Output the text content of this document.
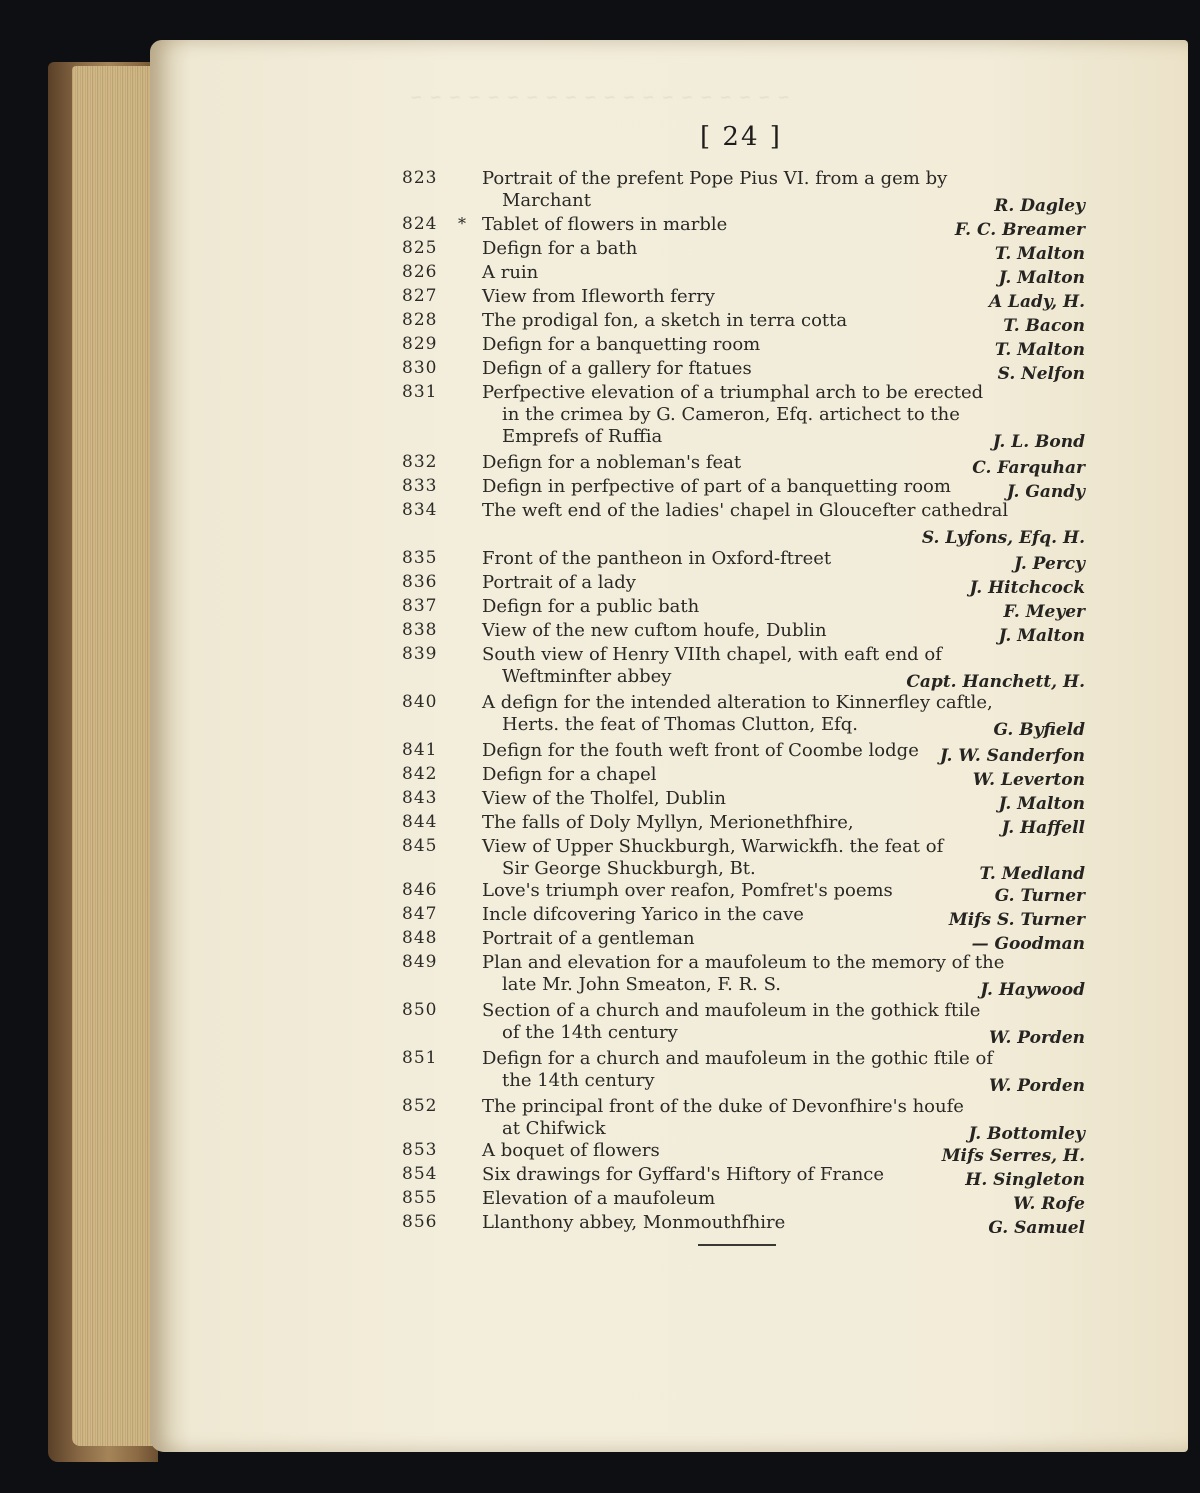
~ ~ ~ ~ ~ ~ ~ ~ ~ ~ ~ ~ ~ ~ ~ ~ ~ ~ ~ ~
[ 24 ]
823	Portrait of the prefent Pope Pius VI. from a gem by
Marchant	R. Dagley
824	* Tablet of flowers in marble	F. C. Breamer
825	Defign for a bath	T. Malton
826	A ruin	J. Malton
827	View from Ifleworth ferry	A Lady, H.
828	The prodigal fon, a sketch in terra cotta	T. Bacon
829	Defign for a banquetting room	T. Malton
830	Defign of a gallery for ftatues	S. Nelfon
831	Perfpective elevation of a triumphal arch to be erected
in the crimea by G. Cameron, Efq. artichect to the
Emprefs of Ruffia	J. L. Bond
832	Defign for a nobleman's feat	C. Farquhar
833	Defign in perfpective of part of a banquetting room	J. Gandy
834	The weft end of the ladies' chapel in Gloucefter cathedral
S. Lyfons, Efq. H.
835	Front of the pantheon in Oxford-ftreet	J. Percy
836	Portrait of a lady	J. Hitchcock
837	Defign for a public bath	F. Meyer
838	View of the new cuftom houfe, Dublin	J. Malton
839	South view of Henry VIIth chapel, with eaft end of
Weftminfter abbey	Capt. Hanchett, H.
840	A defign for the intended alteration to Kinnerfley caftle,
Herts. the feat of Thomas Clutton, Efq.	G. Byfield
841	Defign for the fouth weft front of Coombe lodge J. W. Sanderfon
842	Defign for a chapel	W. Leverton
843	View of the Tholfel, Dublin	J. Malton
844	The falls of Doly Myllyn, Merionethfhire,	J. Haffell
845	View of Upper Shuckburgh, Warwickfh. the feat of
Sir George Shuckburgh, Bt.	T. Medland
846	Love's triumph over reafon, Pomfret's poems	G. Turner
847	Incle difcovering Yarico in the cave	Mifs S. Turner
848	Portrait of a gentleman	— Goodman
849	Plan and elevation for a maufoleum to the memory of the
late Mr. John Smeaton, F. R. S.	J. Haywood
850	Section of a church and maufoleum in the gothick ftile
of the 14th century	W. Porden
851	Defign for a church and maufoleum in the gothic ftile of
the 14th century	W. Porden
852	The principal front of the duke of Devonfhire's houfe
at Chifwick	J. Bottomley
853	A boquet of flowers	Mifs Serres, H.
854	Six drawings for Gyffard's Hiftory of France	H. Singleton
855	Elevation of a maufoleum	W. Rofe
856	Llanthony abbey, Monmouthfhire	G. Samuel
